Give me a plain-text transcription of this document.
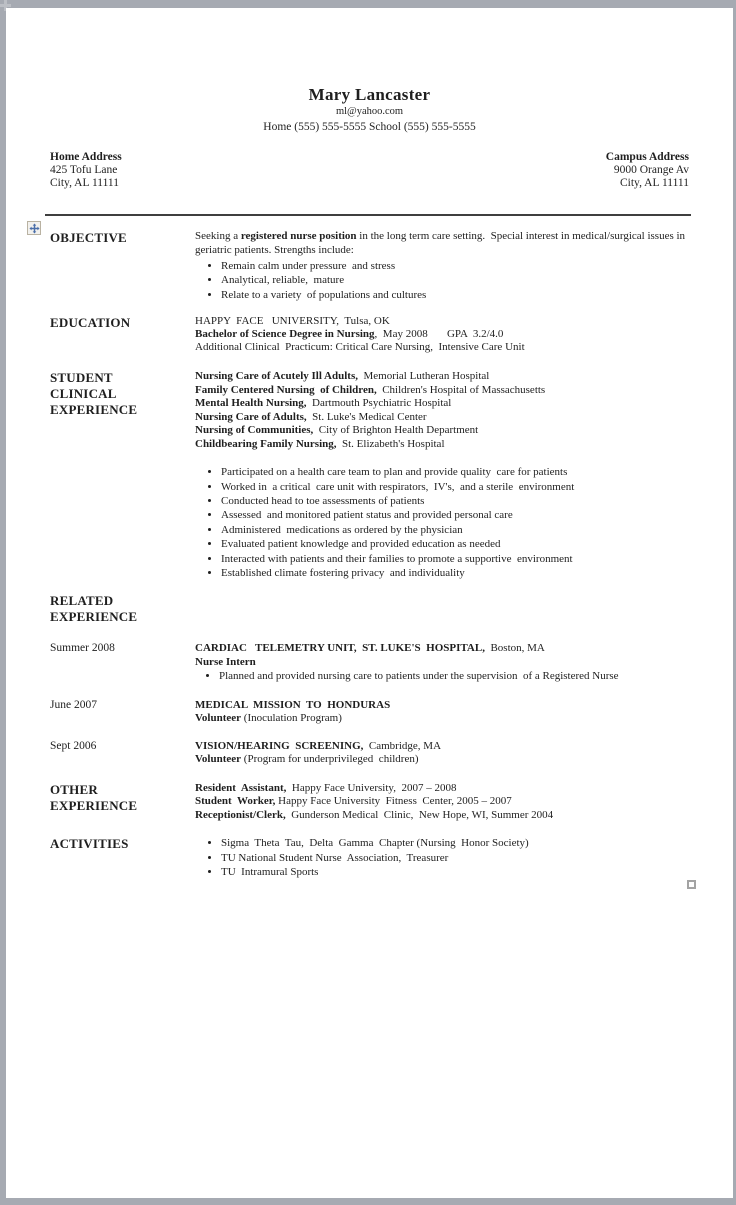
Mary Lancaster
ml@yahoo.com
Home (555) 555-5555 School (555) 555-5555
Home Address
425 Tofu Lane
City, AL 11111
Campus Address
9000 Orange Av
City, AL 11111
OBJECTIVE	Seeking a registered nurse position in the long term care setting.  Special interest in medical/surgical issues in geriatric patients. Strengths include:
• Remain calm under pressure  and stress
• Analytical, reliable,  mature
• Relate to a variety  of populations and cultures
EDUCATION	HAPPY  FACE   UNIVERSITY,  Tulsa, OK
Bachelor of Science Degree in Nursing,  May 2008       GPA  3.2/4.0
Additional Clinical  Practicum: Critical Care Nursing,  Intensive Care Unit
STUDENT CLINICAL EXPERIENCE
Nursing Care of Acutely Ill Adults,  Memorial Lutheran Hospital
Family Centered Nursing  of Children,  Children's Hospital of Massachusetts
Mental Health Nursing,  Dartmouth Psychiatric Hospital
Nursing Care of Adults,  St. Luke's Medical Center
Nursing of Communities,  City of Brighton Health Department
Childbearing Family Nursing,  St. Elizabeth's Hospital
• Participated on a health care team to plan and provide quality  care for patients
• Worked in  a critical  care unit with respirators,  IV's,  and a sterile  environment
• Conducted head to toe assessments of patients
• Assessed  and monitored patient status and provided personal care
• Administered  medications as ordered by the physician
• Evaluated patient knowledge and provided education as needed
• Interacted with patients and their families to promote a supportive  environment
• Established climate fostering privacy  and individuality
RELATED EXPERIENCE
Summer 2008	CARDIAC   TELEMETRY UNIT,  ST. LUKE'S  HOSPITAL,  Boston, MA
Nurse Intern
• Planned and provided nursing care to patients under the supervision  of a Registered Nurse
June 2007	MEDICAL  MISSION  TO  HONDURAS
Volunteer (Inoculation Program)
Sept 2006	VISION/HEARING  SCREENING,  Cambridge, MA
Volunteer (Program for underprivileged  children)
OTHER EXPERIENCE
Resident  Assistant,  Happy Face University,  2007 – 2008
Student  Worker, Happy Face University  Fitness  Center, 2005 – 2007
Receptionist/Clerk,  Gunderson Medical  Clinic,  New Hope, WI, Summer 2004
ACTIVITIES	• Sigma  Theta  Tau,  Delta  Gamma  Chapter (Nursing  Honor Society)
• TU National Student Nurse  Association,  Treasurer
• TU  Intramural Sports
